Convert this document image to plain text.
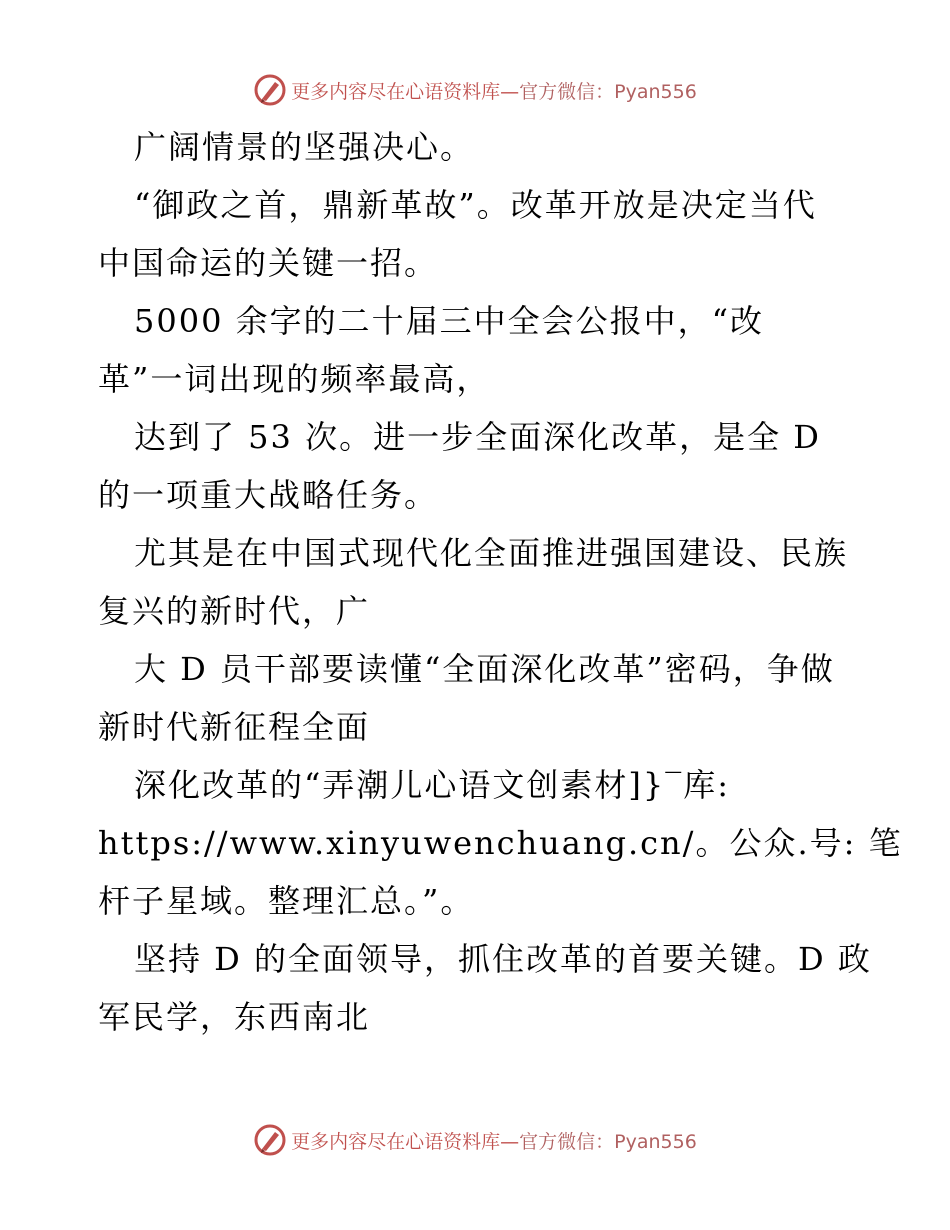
更多内容尽在心语资料库—官方微信：Pyan556
广阔情景的坚强决心。
“御政之首，鼎新革故”。改革开放是决定当代
中国命运的关键一招。
5000 余字的二十届三中全会公报中，“改
革”一词出现的频率最高，
达到了 53 次。进一步全面深化改革，是全 D
的一项重大战略任务。
尤其是在中国式现代化全面推进强国建设、民族
复兴的新时代，广
大 D 员干部要读懂“全面深化改革”密码，争做
新时代新征程全面
深化改革的“弄潮儿心语文创素材]}‾库:
https://www.xinyuwenchuang.cn/。公众.号: 笔
杆子星域。整理汇总。”。
坚持 D 的全面领导，抓住改革的首要关键。D 政
军民学，东西南北
更多内容尽在心语资料库—官方微信：Pyan556
